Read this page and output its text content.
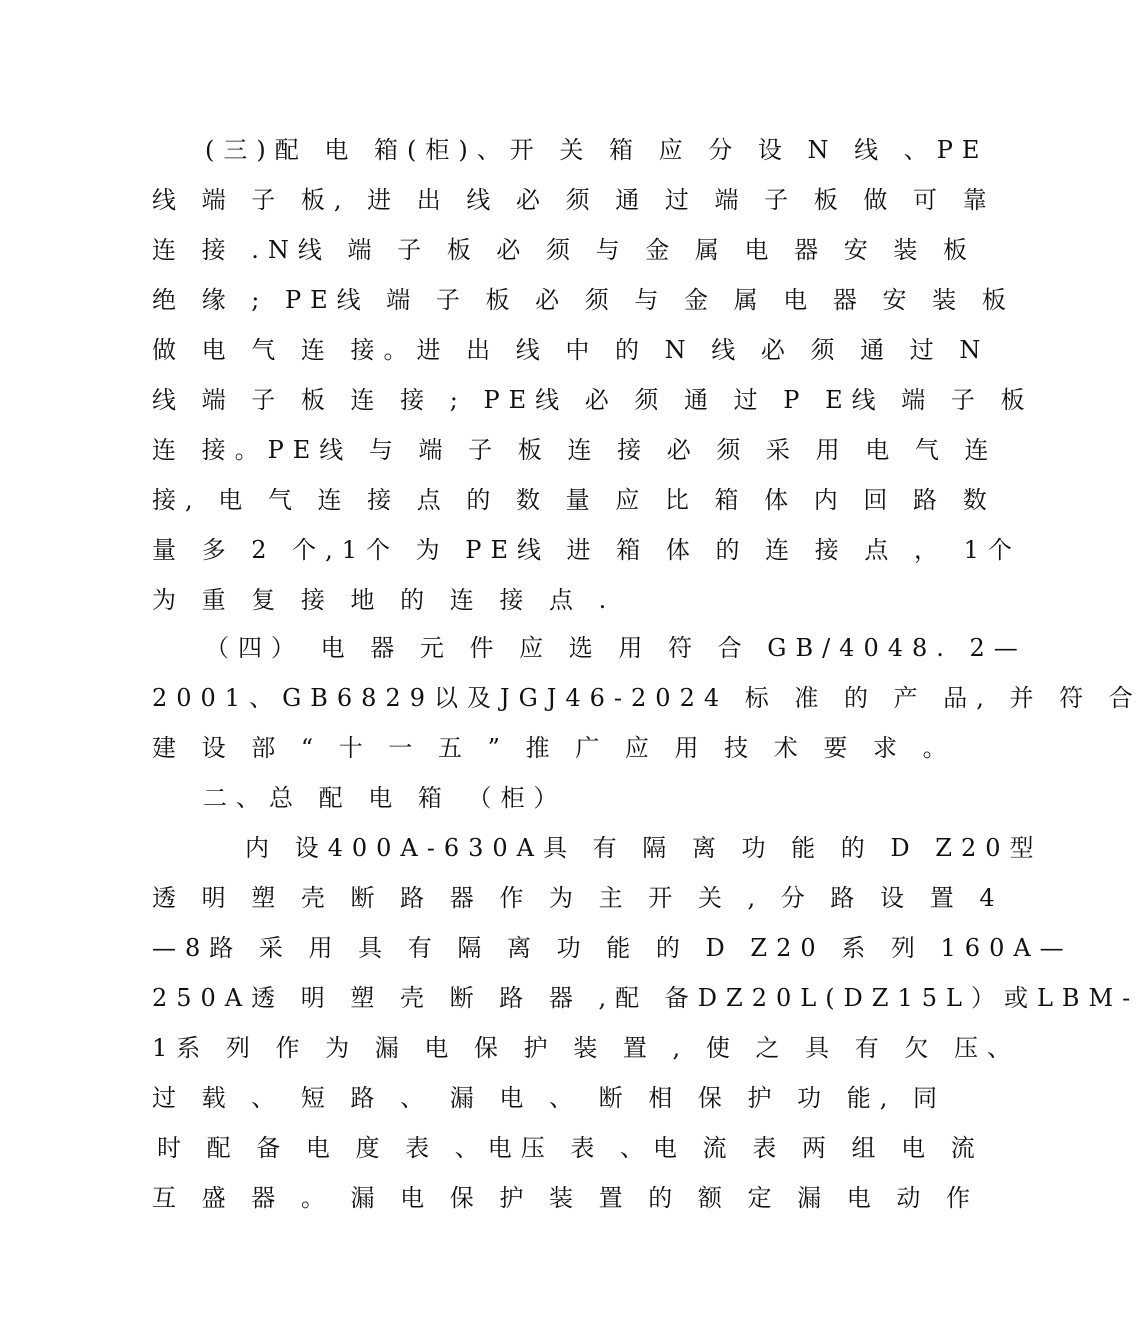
(三)配 电 箱(柜)、开 关 箱 应 分 设 N 线 、PE
线 端 子 板, 进 出 线 必 须 通 过 端 子 板 做 可 靠
连 接 .N线 端 子 板 必 须 与 金 属 电 器 安 装 板
绝 缘 ; PE线 端 子 板 必 须 与 金 属 电 器 安 装 板
做 电 气 连 接。进 出 线 中 的 N 线 必 须 通 过 N
线 端 子 板 连 接 ; PE线 必 须 通 过 P E线 端 子 板
连 接。PE线 与 端 子 板 连 接 必 须 采 用 电 气 连
接, 电 气 连 接 点 的 数 量 应 比 箱 体 内 回 路 数
量 多 2 个,1个 为 PE线 进 箱 体 的 连 接 点 ， 1个
为 重 复 接 地 的 连 接 点 .
（四） 电 器 元 件 应 选 用 符 合 GB/4048. 2—
2001、GB6829以及JGJ46-2024 标 准 的 产 品, 并 符 合
建 设 部 “ 十 一 五 ” 推 广 应 用 技 术 要 求 。
二、总 配 电 箱 （柜）
内 设400A-630A具 有 隔 离 功 能 的 D Z20型
透 明 塑 壳 断 路 器 作 为 主 开 关 , 分 路 设 置 4
—8路 采 用 具 有 隔 离 功 能 的 D Z20 系 列 160A—
250A透 明 塑 壳 断 路 器 ,配 备DZ20L(DZ15L）或LBM-
1系 列 作 为 漏 电 保 护 装 置 , 使 之 具 有 欠 压、
过 载 、 短 路 、 漏 电 、 断 相 保 护 功 能, 同
时 配 备 电 度 表 、电压 表 、电 流 表 两 组 电 流
互 盛 器 。 漏 电 保 护 装 置 的 额 定 漏 电 动 作
